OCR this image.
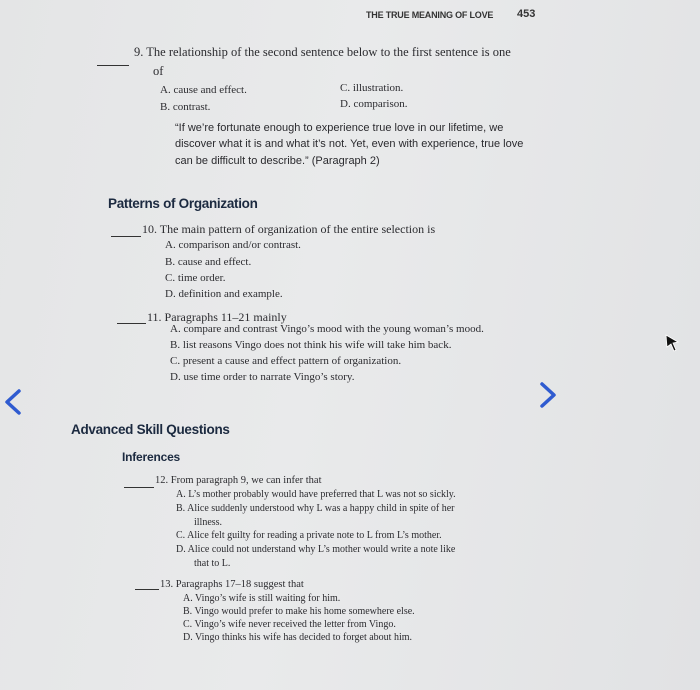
THE TRUE MEANING OF LOVE 453
9. The relationship of the second sentence below to the first sentence is one
of
A. cause and effect.
B. contrast.
C. illustration.
D. comparison.
“If we’re fortunate enough to experience true love in our lifetime, we
discover what it is and what it’s not. Yet, even with experience, true love
can be difficult to describe.” (Paragraph 2)
Patterns of Organization
10. The main pattern of organization of the entire selection is
A. comparison and/or contrast.
B. cause and effect.
C. time order.
D. definition and example.
11. Paragraphs 11–21 mainly
A. compare and contrast Vingo’s mood with the young woman’s mood.
B. list reasons Vingo does not think his wife will take him back.
C. present a cause and effect pattern of organization.
D. use time order to narrate Vingo’s story.
Advanced Skill Questions
Inferences
12. From paragraph 9, we can infer that
A. L’s mother probably would have preferred that L was not so sickly.
B. Alice suddenly understood why L was a happy child in spite of her
illness.
C. Alice felt guilty for reading a private note to L from L’s mother.
D. Alice could not understand why L’s mother would write a note like
that to L.
13. Paragraphs 17–18 suggest that
A. Vingo’s wife is still waiting for him.
B. Vingo would prefer to make his home somewhere else.
C. Vingo’s wife never received the letter from Vingo.
D. Vingo thinks his wife has decided to forget about him.
